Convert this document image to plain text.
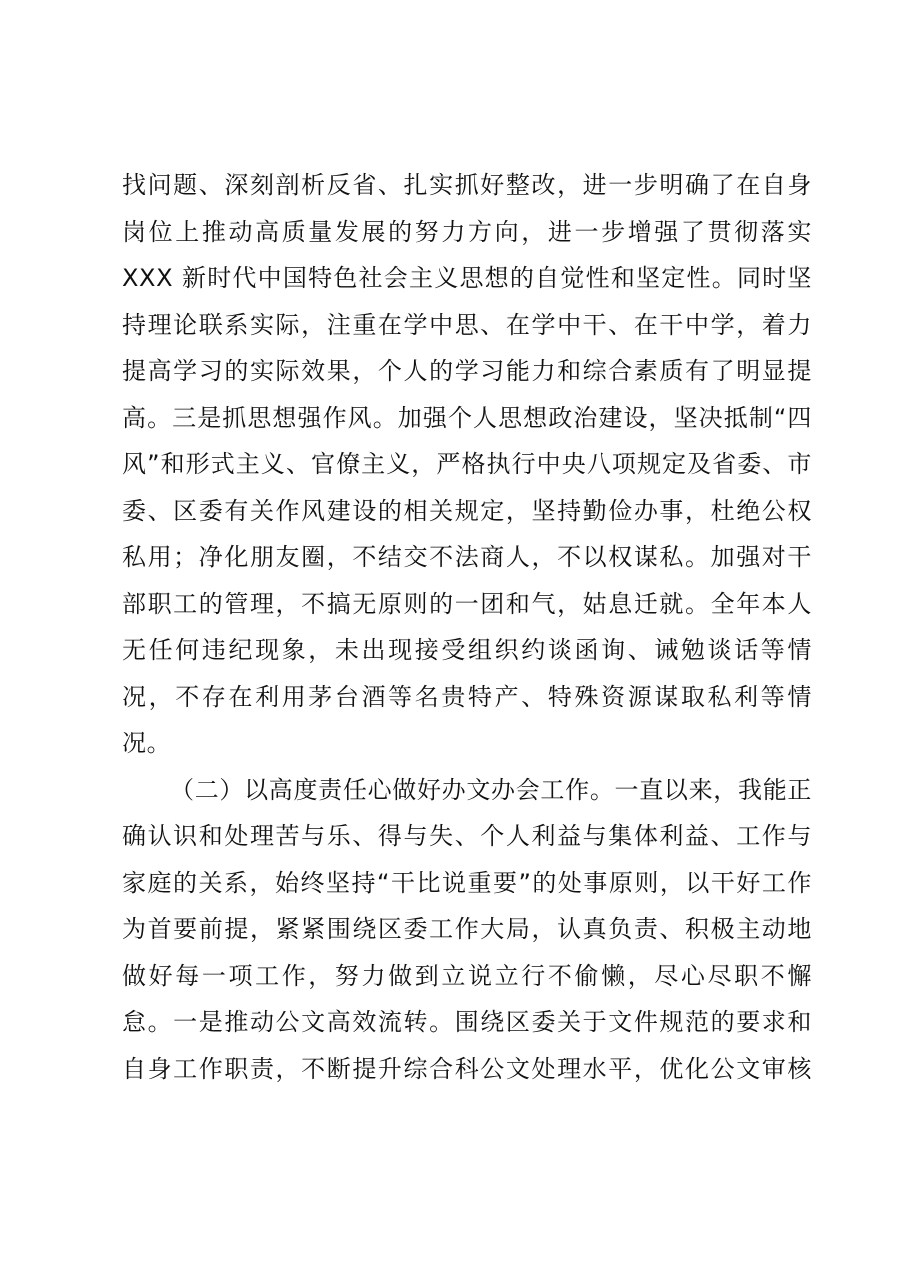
找问题、深刻剖析反省、扎实抓好整改，进一步明确了在自身
岗位上推动高质量发展的努力方向，进一步增强了贯彻落实
XXX 新时代中国特色社会主义思想的自觉性和坚定性。同时坚
持理论联系实际，注重在学中思、在学中干、在干中学，着力
提高学习的实际效果，个人的学习能力和综合素质有了明显提
高。三是抓思想强作风。加强个人思想政治建设，坚决抵制“四
风”和形式主义、官僚主义，严格执行中央八项规定及省委、市
委、区委有关作风建设的相关规定，坚持勤俭办事，杜绝公权
私用；净化朋友圈，不结交不法商人，不以权谋私。加强对干
部职工的管理，不搞无原则的一团和气，姑息迁就。全年本人
无任何违纪现象，未出现接受组织约谈函询、诫勉谈话等情
况，不存在利用茅台酒等名贵特产、特殊资源谋取私利等情
况。
（二）以高度责任心做好办文办会工作。一直以来，我能正
确认识和处理苦与乐、得与失、个人利益与集体利益、工作与
家庭的关系，始终坚持“干比说重要”的处事原则，以干好工作
为首要前提，紧紧围绕区委工作大局，认真负责、积极主动地
做好每一项工作，努力做到立说立行不偷懒，尽心尽职不懈
怠。一是推动公文高效流转。围绕区委关于文件规范的要求和
自身工作职责，不断提升综合科公文处理水平，优化公文审核
